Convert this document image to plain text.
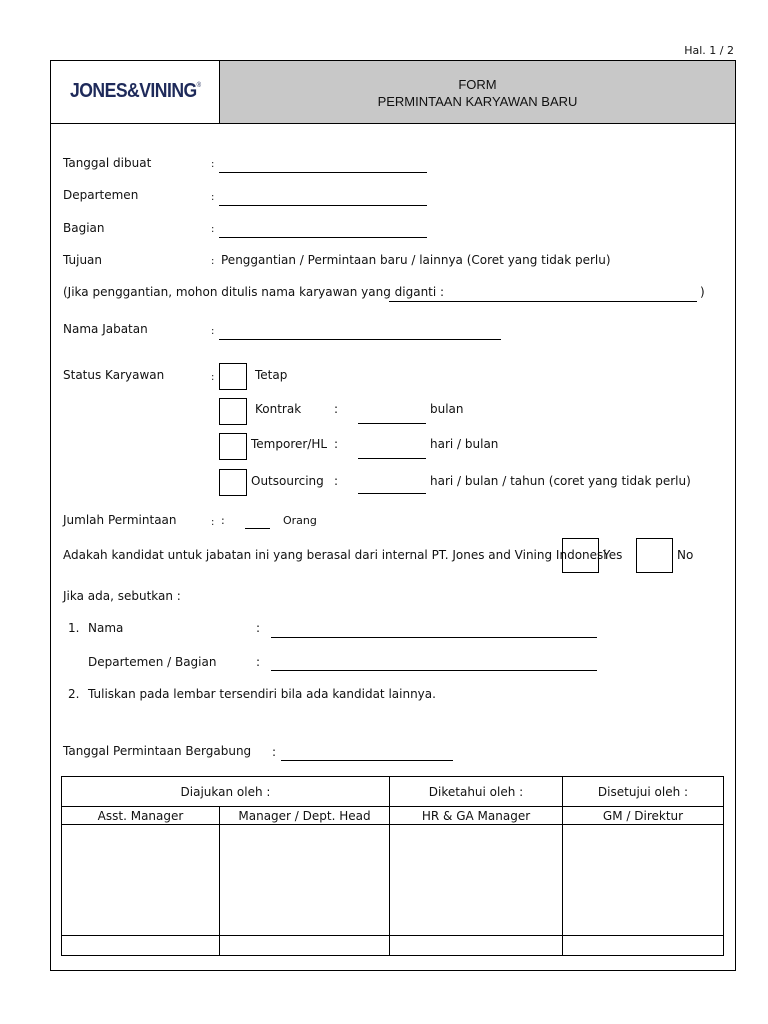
Hal. 1 / 2
JONES&VINING®	FORM
PERMINTAAN KARYAWAN BARU
Tanggal dibuat	:
Departemen	:
Bagian	:
Tujuan	: Penggantian / Permintaan baru / lainnya (Coret yang tidak perlu)
(Jika penggantian, mohon ditulis nama karyawan yang diganti :	)
Nama Jabatan	:
Status Karyawan	:	Tetap
Kontrak	:	bulan
Temporer/HL :	hari / bulan
Outsourcing :	hari / bulan / tahun (coret yang tidak perlu)
Jumlah Permintaan	: :	Orang
Adakah kandidat untuk jabatan ini yang berasal dari internal PT. Jones and Vining Indonesi
Yes	No
Jika ada, sebutkan :
1. Nama	:
Departemen / Bagian	:
2. Tuliskan pada lembar tersendiri bila ada kandidat lainnya.
Tanggal Permintaan Bergabung :
Diajukan oleh :		Diketahui oleh :	Disetujui oleh :
Asst. Manager	Manager / Dept. Head	HR & GA Manager	GM / Direktur
